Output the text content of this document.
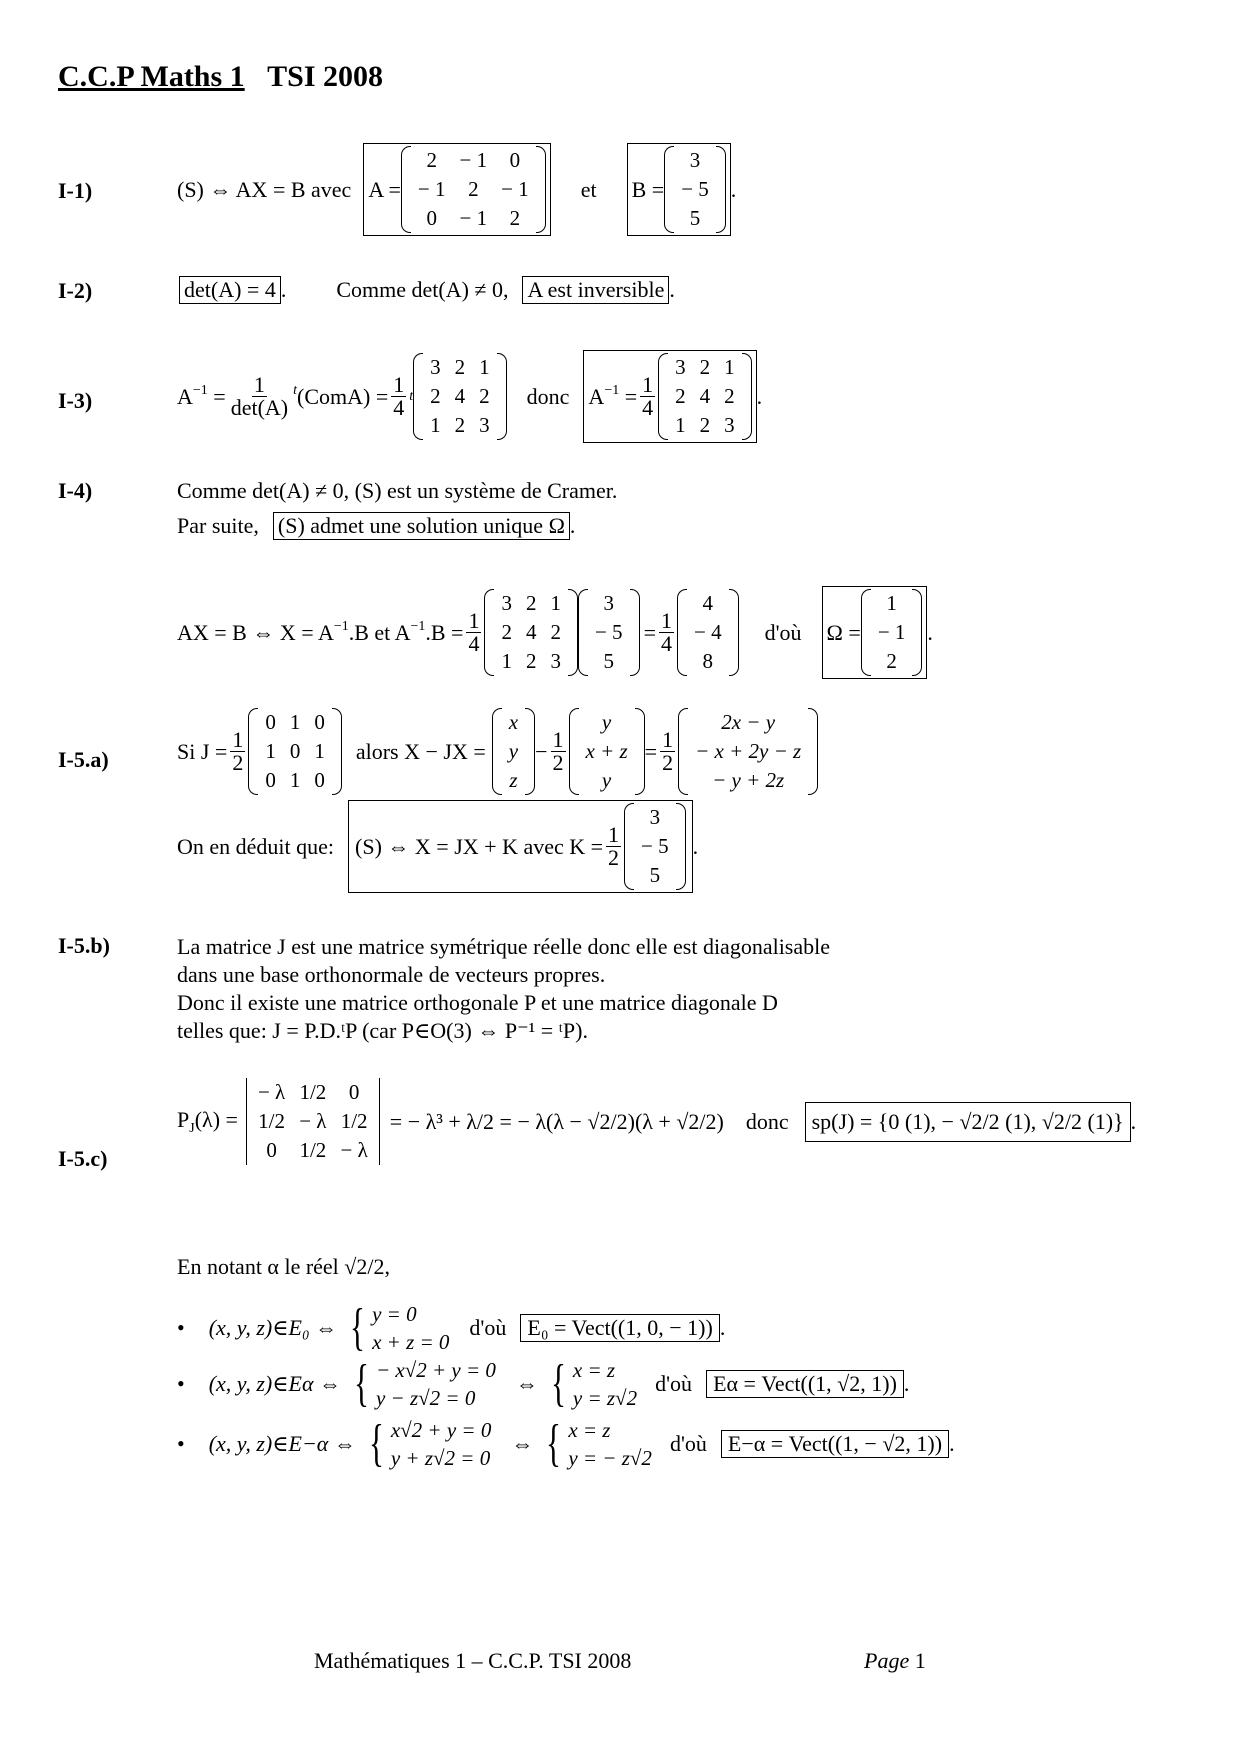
C.C.P Maths 1 TSI 2008
I-1)	(S) ⇔ AX = B avec A =
2	− 1	0
− 1	2	− 1
0	− 1	2
et B =
3
− 5
5
.
I-2)	det(A) = 4 . Comme det(A) ≠ 0, A est inversible .
I-3)	$A^{-1} = \frac{1}{\det(A)}$ $^t$(ComA) = $\frac{1}{4}$ t
3	2	1
2	4	2
1	2	3
donc $A^{-1} = \frac{1}{4}$
3	2	1
2	4	2
1	2	3
.
I-4)	Comme det(A) ≠ 0, (S) est un système de Cramer.
Par suite, (S) admet une solution unique Ω .
AX = B ⇔ $X = A^{-1}.B$ et $A^{-1}.B = \frac{1}{4}$
3	2	1
2	4	2
1	2	3
3
− 5
5
= $\frac{1}{4}$
4
− 4
8
d'où Ω =
1
− 1
2
.
I-5.a)	Si $J = \frac{1}{2}$
0	1	0
1	0	1
0	1	0
alors X − JX =
x
y
z
− $\frac{1}{2}$
y
x + z
y
= $\frac{1}{2}$
2x − y
− x + 2y − z
− y + 2z
On en déduit que: (S) ⇔ X = JX + K avec $K = \frac{1}{2}$
3
− 5
5
.
I-5.b)	La matrice J est une matrice symétrique réelle donc elle est diagonalisable
dans une base orthonormale de vecteurs propres.
Donc il existe une matrice orthogonale P et une matrice diagonale D
telles que: J = P.D.ᵗP (car P∈O(3) ⇔ P⁻¹ = ᵗP).
I-5.c)
$P_J(\lambda)$ =
− λ	1/2	0
1/2	− λ	1/2
0	1/2	− λ
= − λ³ + λ/2 = − λ(λ − √2/2)(λ + √2/2) donc	sp(J) = {0 (1), − √2/2 (1), √2/2 (1)} .
En notant α le réel √2/2,
• (x, y, z)∈E₀ ⇔ { y = 0
x + z = 0
d'où E₀ = Vect((1, 0, − 1)) .
• (x, y, z)∈Eα ⇔ { − x√2 + y = 0
y − z√2 = 0
⇔ { x = z
y = z√2
d'où Eα = Vect((1, √2, 1)) .
• (x, y, z)∈E−α ⇔ { x√2 + y = 0
y + z√2 = 0
⇔ { x = z
y = − z√2
d'où E−α = Vect((1, − √2, 1)) .
Mathématiques 1 – C.C.P. TSI 2008	Page 1
